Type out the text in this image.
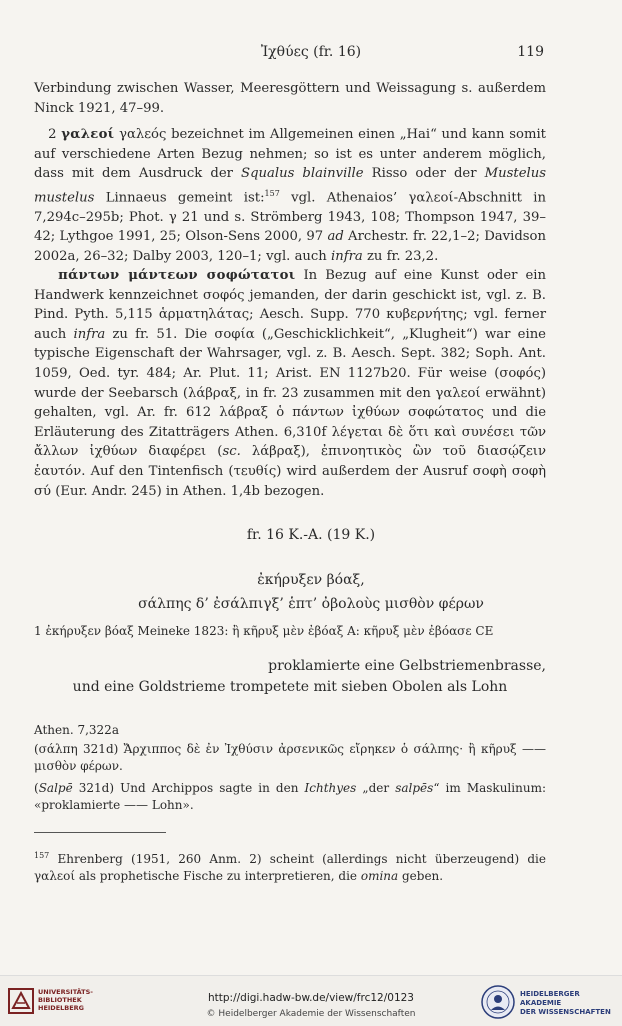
Ἰχθύες (fr. 16)	119
Verbindung zwischen Wasser, Meeresgöttern und Weissagung s. außerdem Ninck 1921, 47–99.
2 γαλεοί γαλεός bezeichnet im Allgemeinen einen „Hai“ und kann somit auf verschiedene Arten Bezug nehmen; so ist es unter anderem möglich, dass mit dem Ausdruck der Squalus blainville Risso oder der Mustelus mustelus Linnaeus gemeint ist:$^{157}$ vgl. Athenaios’ γαλεοί-Abschnitt in 7,294c–295b; Phot. γ 21 und s. Strömberg 1943, 108; Thompson 1947, 39–42; Lythgoe 1991, 25; Olson-Sens 2000, 97 ad Archestr. fr. 22,1–2; Davidson 2002a, 26–32; Dalby 2003, 120–1; vgl. auch infra zu fr. 23,2.
πάντων μάντεων σοφώτατοι In Bezug auf eine Kunst oder ein Handwerk kennzeichnet σοφός jemanden, der darin geschickt ist, vgl. z. B. Pind. Pyth. 5,115 ἁρματηλάτας; Aesch. Supp. 770 κυβερνήτης; vgl. ferner auch infra zu fr. 51. Die σοφία („Geschicklichkeit“, „Klugheit“) war eine typische Eigenschaft der Wahrsager, vgl. z. B. Aesch. Sept. 382; Soph. Ant. 1059, Oed. tyr. 484; Ar. Plut. 11; Arist. EN 1127b20. Für weise (σοφός) wurde der Seebarsch (λάβραξ, in fr. 23 zusammen mit den γαλεοί erwähnt) gehalten, vgl. Ar. fr. 612 λάβραξ ὁ πάντων ἰχθύων σοφώτατος und die Erläuterung des Zitatträgers Athen. 6,310f λέγεται δὲ ὅτι καὶ συνέσει τῶν ἄλλων ἰχθύων διαφέρει (sc. λάβραξ), ἐπινοητικὸς ὢν τοῦ διασῴζειν ἑαυτόν. Auf den Tintenfisch (τευθίς) wird außerdem der Ausruf σοφὴ σοφὴ σύ (Eur. Andr. 245) in Athen. 1,4b bezogen.
fr. 16 K.-A. (19 K.)
ἐκήρυξεν βόαξ,
σάλπης δ’ ἐσάλπιγξ’ ἑπτ’ ὀβολοὺς μισθὸν φέρων
1 ἐκήρυξεν βόαξ Meineke 1823: ἢ κῆρυξ μὲν ἐβόαξ A: κῆρυξ μὲν ἐβόασε CE
proklamierte eine Gelbstriemenbrasse,
und eine Goldstrieme trompetete mit sieben Obolen als Lohn
Athen. 7,322a
(σάλπη 321d) Ἄρχιππος δὲ ἐν Ἰχθύσιν ἀρσενικῶς εἴρηκεν ὁ σάλπης· ἢ κῆρυξ —— μισθὸν φέρων.
(Salpē 321d) Und Archippos sagte in den Ichthyes „der salpēs“ im Maskulinum: «proklamierte —— Lohn».
$^{157}$ Ehrenberg (1951, 260 Anm. 2) scheint (allerdings nicht überzeugend) die γαλεοί als prophetische Fische zu interpretieren, die omina geben.
UNIVERSITÄTS-
BIBLIOTHEK
HEIDELBERG
http://digi.hadw-bw.de/view/frc12/0123
© Heidelberger Akademie der Wissenschaften
HEIDELBERGER AKADEMIE
DER WISSENSCHAFTEN
